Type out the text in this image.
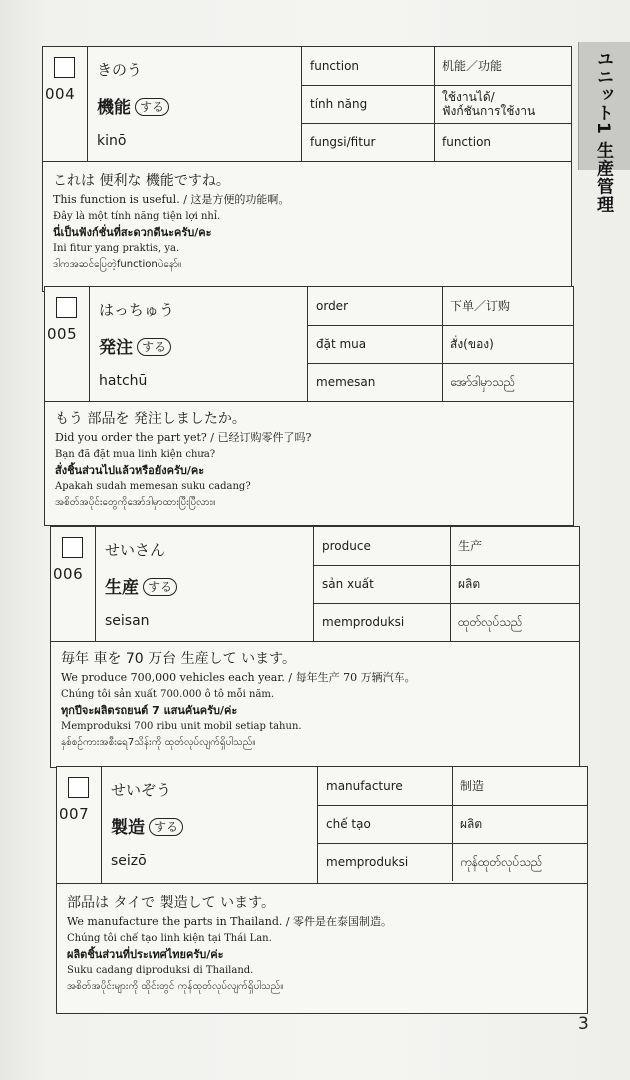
ユニット1 生産管理
004
きのう
機能 する
kinō
function	机能／功能
tính năng	ใช้งานได้/
ฟังก์ชันการใช้งาน
fungsi/fitur	function
これは 便利な 機能ですね。
This function is useful. / 这是方便的功能啊。
Đây là một tính năng tiện lợi nhỉ.
นี่เป็นฟังก์ชั่นที่สะดวกดีนะครับ/คะ
Ini fitur yang praktis, ya.
ဒါကအဆင်ပြေတဲ့functionပဲနော်။
005
はっちゅう
発注 する
hatchū
order	下单／订购
đặt mua	สั่ง(ของ)
memesan	အော်ဒါမှာသည်
もう 部品を 発注しましたか。
Did you order the part yet? / 已经订购零件了吗?
Bạn đã đặt mua linh kiện chưa?
สั่งชิ้นส่วนไปแล้วหรือยังครับ/คะ
Apakah sudah memesan suku cadang?
အစိတ်အပိုင်းတွေကိုအော်ဒါမှာထားပြီးပြီလား။
006
せいさん
生産 する
seisan
produce	生产
sản xuất	ผลิต
memproduksi	ထုတ်လုပ်သည်
毎年 車を 70 万台 生産して います。
We produce 700,000 vehicles each year. / 每年生产 70 万辆汽车。
Chúng tôi sản xuất 700.000 ô tô mỗi năm.
ทุกปีจะผลิตรถยนต์ 7 แสนคันครับ/ค่ะ
Memproduksi 700 ribu unit mobil setiap tahun.
နှစ်စဉ်ကားအစီးရေ7သိန်းကို ထုတ်လုပ်လျက်ရှိပါသည်။
007
せいぞう
製造 する
seizō
manufacture	制造
chế tạo	ผลิต
memproduksi	ကုန်ထုတ်လုပ်သည်
部品は タイで 製造して います。
We manufacture the parts in Thailand. / 零件是在泰国制造。
Chúng tôi chế tạo linh kiện tại Thái Lan.
ผลิตชิ้นส่วนที่ประเทศไทยครับ/ค่ะ
Suku cadang diproduksi di Thailand.
အစိတ်အပိုင်းများကို ထိုင်းတွင် ကုန်ထုတ်လုပ်လျက်ရှိပါသည်။
3
